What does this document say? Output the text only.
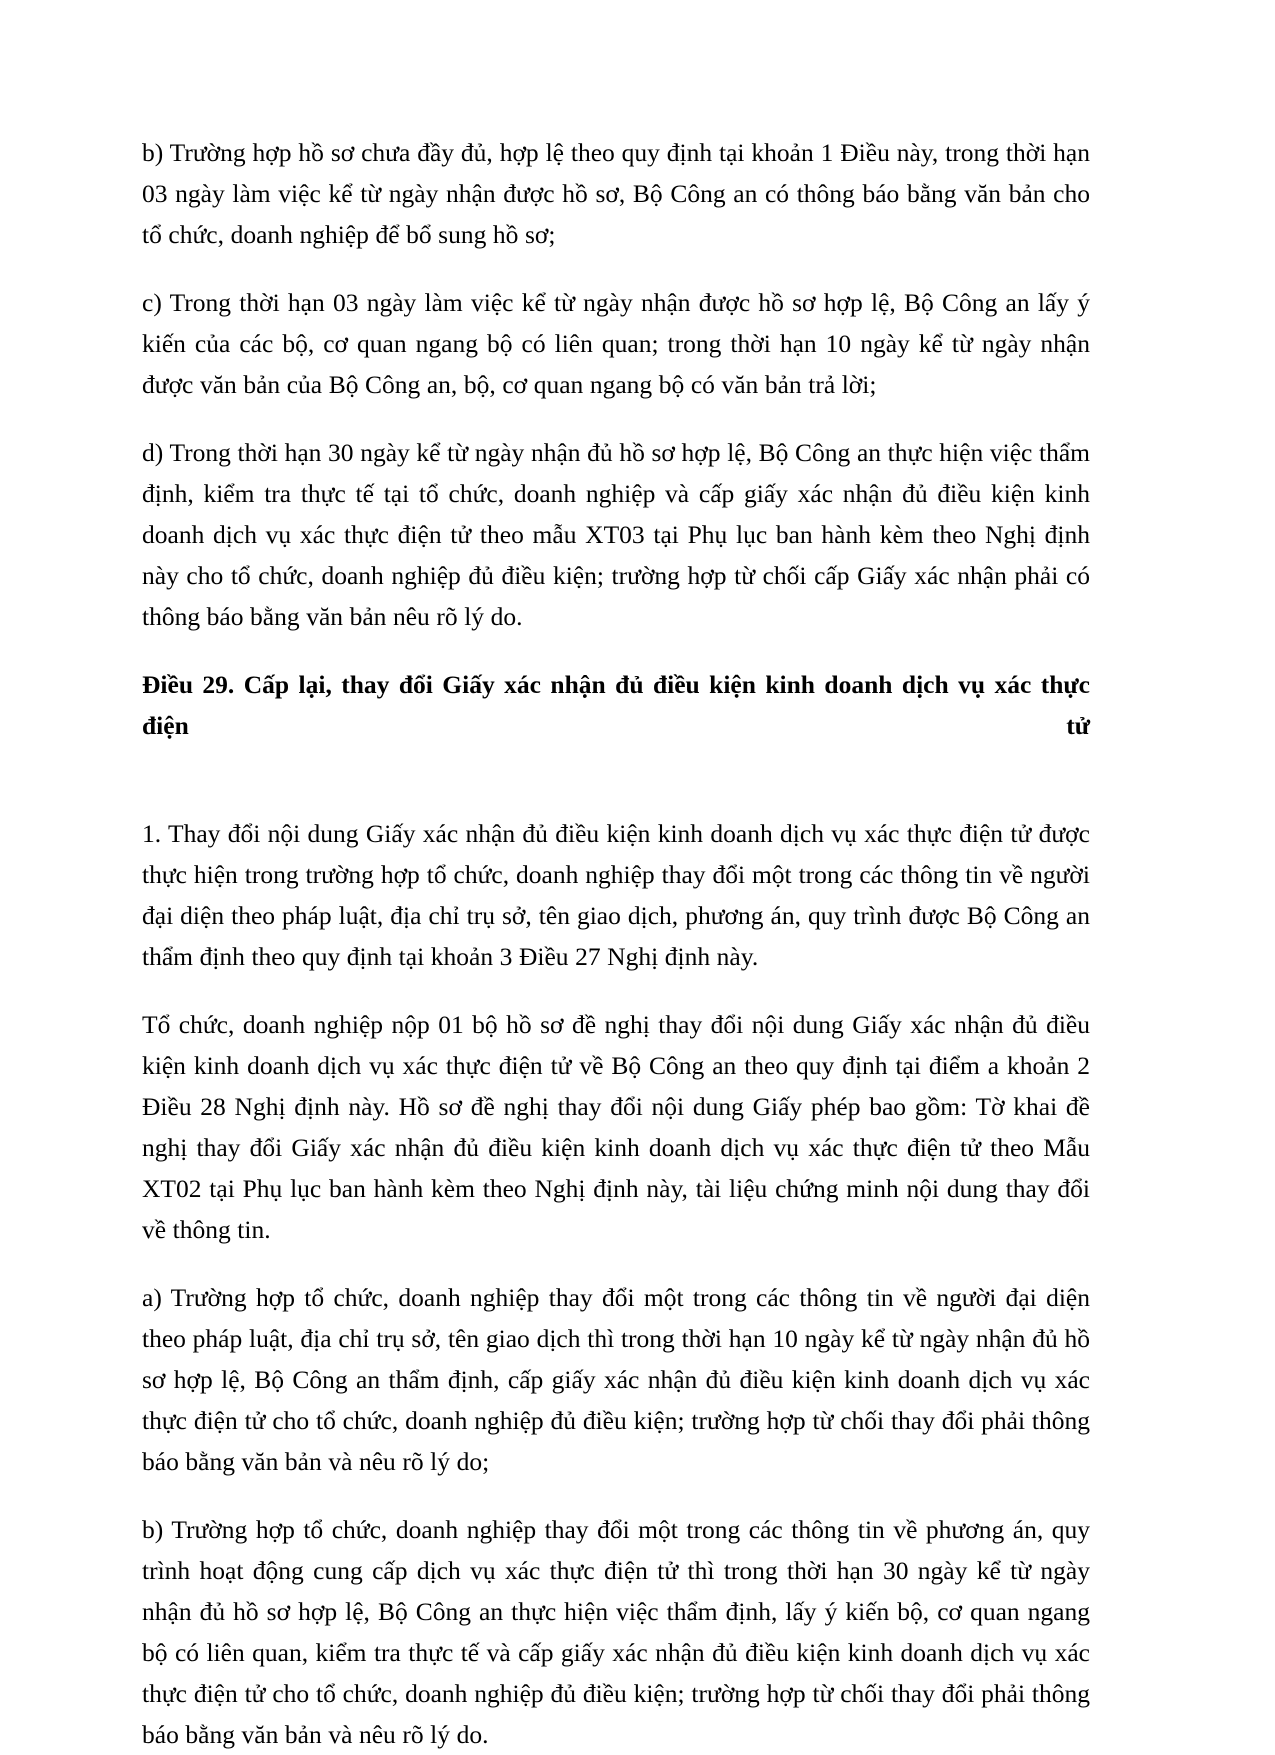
b) Trường hợp hồ sơ chưa đầy đủ, hợp lệ theo quy định tại khoản 1 Điều này, trong thời hạn 03 ngày làm việc kể từ ngày nhận được hồ sơ, Bộ Công an có thông báo bằng văn bản cho tổ chức, doanh nghiệp để bổ sung hồ sơ;

c) Trong thời hạn 03 ngày làm việc kể từ ngày nhận được hồ sơ hợp lệ, Bộ Công an lấy ý kiến của các bộ, cơ quan ngang bộ có liên quan; trong thời hạn 10 ngày kể từ ngày nhận được văn bản của Bộ Công an, bộ, cơ quan ngang bộ có văn bản trả lời;

d) Trong thời hạn 30 ngày kể từ ngày nhận đủ hồ sơ hợp lệ, Bộ Công an thực hiện việc thẩm định, kiểm tra thực tế tại tổ chức, doanh nghiệp và cấp giấy xác nhận đủ điều kiện kinh doanh dịch vụ xác thực điện tử theo mẫu XT03 tại Phụ lục ban hành kèm theo Nghị định này cho tổ chức, doanh nghiệp đủ điều kiện; trường hợp từ chối cấp Giấy xác nhận phải có thông báo bằng văn bản nêu rõ lý do.

Điều 29. Cấp lại, thay đổi Giấy xác nhận đủ điều kiện kinh doanh dịch vụ xác thực điện tử

1. Thay đổi nội dung Giấy xác nhận đủ điều kiện kinh doanh dịch vụ xác thực điện tử được thực hiện trong trường hợp tổ chức, doanh nghiệp thay đổi một trong các thông tin về người đại diện theo pháp luật, địa chỉ trụ sở, tên giao dịch, phương án, quy trình được Bộ Công an thẩm định theo quy định tại khoản 3 Điều 27 Nghị định này.

Tổ chức, doanh nghiệp nộp 01 bộ hồ sơ đề nghị thay đổi nội dung Giấy xác nhận đủ điều kiện kinh doanh dịch vụ xác thực điện tử về Bộ Công an theo quy định tại điểm a khoản 2 Điều 28 Nghị định này. Hồ sơ đề nghị thay đổi nội dung Giấy phép bao gồm: Tờ khai đề nghị thay đổi Giấy xác nhận đủ điều kiện kinh doanh dịch vụ xác thực điện tử theo Mẫu XT02 tại Phụ lục ban hành kèm theo Nghị định này, tài liệu chứng minh nội dung thay đổi về thông tin.

a) Trường hợp tổ chức, doanh nghiệp thay đổi một trong các thông tin về người đại diện theo pháp luật, địa chỉ trụ sở, tên giao dịch thì trong thời hạn 10 ngày kể từ ngày nhận đủ hồ sơ hợp lệ, Bộ Công an thẩm định, cấp giấy xác nhận đủ điều kiện kinh doanh dịch vụ xác thực điện tử cho tổ chức, doanh nghiệp đủ điều kiện; trường hợp từ chối thay đổi phải thông báo bằng văn bản và nêu rõ lý do;

b) Trường hợp tổ chức, doanh nghiệp thay đổi một trong các thông tin về phương án, quy trình hoạt động cung cấp dịch vụ xác thực điện tử thì trong thời hạn 30 ngày kể từ ngày nhận đủ hồ sơ hợp lệ, Bộ Công an thực hiện việc thẩm định, lấy ý kiến bộ, cơ quan ngang bộ có liên quan, kiểm tra thực tế và cấp giấy xác nhận đủ điều kiện kinh doanh dịch vụ xác thực điện tử cho tổ chức, doanh nghiệp đủ điều kiện; trường hợp từ chối thay đổi phải thông báo bằng văn bản và nêu rõ lý do.
